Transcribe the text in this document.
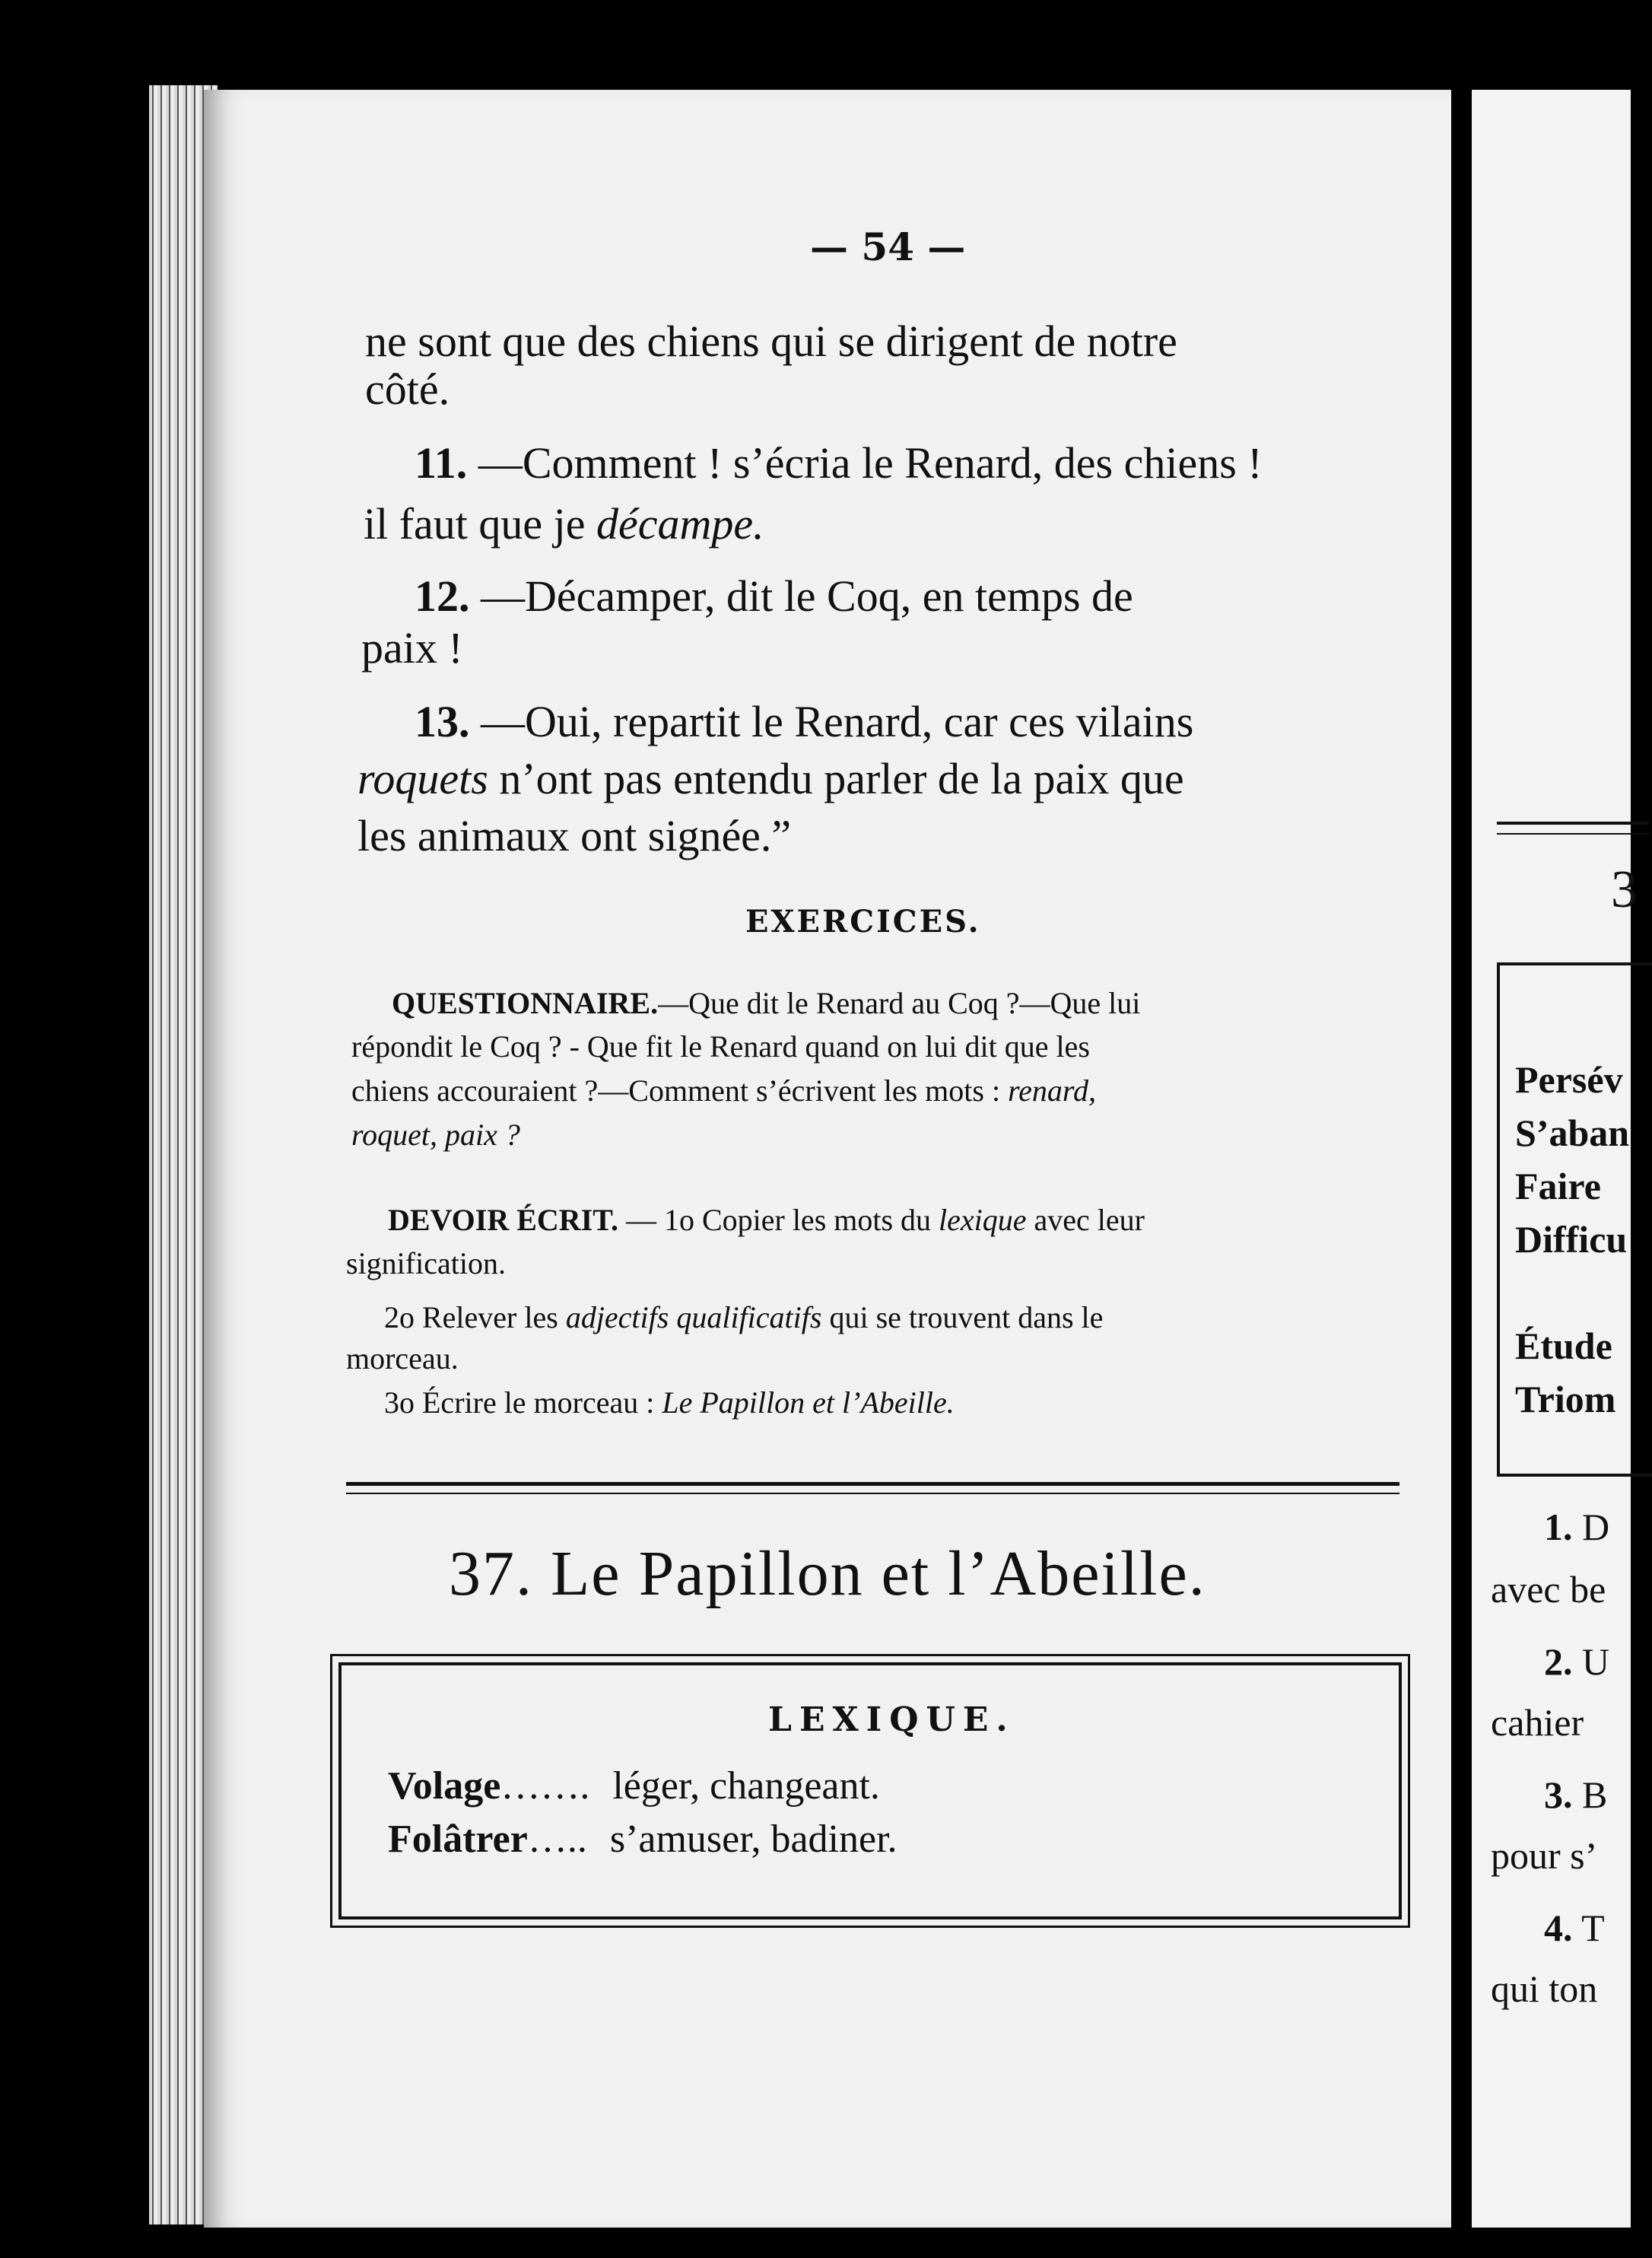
— 54 —
ne sont que des chiens qui se dirigent de notre
côté.
11. —Comment ! s’écria le Renard, des chiens !
il faut que je décampe.
12. —Décamper, dit le Coq, en temps de
paix !
13. —Oui, repartit le Renard, car ces vilains
roquets n’ont pas entendu parler de la paix que
les animaux ont signée.”
EXERCICES.
QUESTIONNAIRE.—Que dit le Renard au Coq ?—Que lui
répondit le Coq ? - Que fit le Renard quand on lui dit que les
chiens accouraient ?—Comment s’écrivent les mots : renard,
roquet, paix ?
DEVOIR ÉCRIT. — 1o Copier les mots du lexique avec leur
signification.
2o Relever les adjectifs qualificatifs qui se trouvent dans le
morceau.
3o Écrire le morceau : Le Papillon et l’Abeille.
37. Le Papillon et l’Abeille.
LEXIQUE.
Volage……. léger, changeant.
Folâtrer….. s’amuser, badiner.
3
Persév
S’aban
Faire
Difficu
Étude
Triom
1. D
avec be
2. U
cahier
3. B
pour s’
4. T
qui ton
